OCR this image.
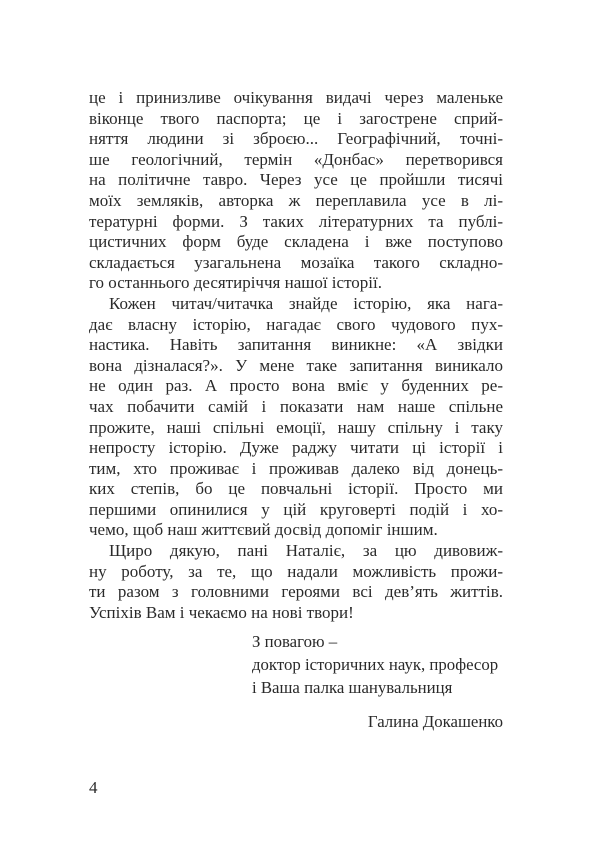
це і принизливе очікування видачі через маленьке
віконце твого паспорта; це і загострене сприй-
няття людини зі зброєю... Географічний, точні-
ше геологічний, термін «Донбас» перетворився
на політичне тавро. Через усе це пройшли тисячі
моїх земляків, авторка ж переплавила усе в лі-
тературні форми. З таких літературних та публі-
цистичних форм буде складена і вже поступово
складається узагальнена мозаїка такого складно-
го останнього десятиріччя нашої історії.
Кожен читач/читачка знайде історію, яка нага-
дає власну історію, нагадає свого чудового пух-
настика. Навіть запитання виникне: «А звідки
вона дізналася?». У мене таке запитання виникало
не один раз. А просто вона вміє у буденних ре-
чах побачити самій і показати нам наше спільне
прожите, наші спільні емоції, нашу спільну і таку
непросту історію. Дуже раджу читати ці історії і
тим, хто проживає і проживав далеко від донець-
ких степів, бо це повчальні історії. Просто ми
першими опинилися у цій круговерті подій і хо-
чемо, щоб наш життєвий досвід допоміг іншим.
Щиро дякую, пані Наталіє, за цю дивовиж-
ну роботу, за те, що надали можливість прожи-
ти разом з головними героями всі дев’ять життів.
Успіхів Вам і чекаємо на нові твори!
З повагою –
доктор історичних наук, професор
і Ваша палка шанувальниця
Галина Докашенко
4
